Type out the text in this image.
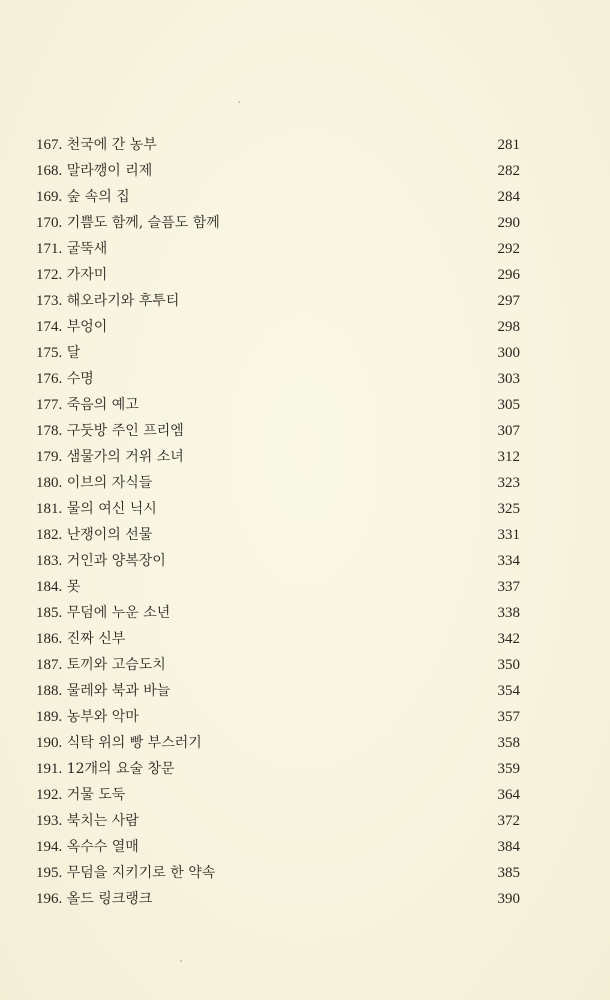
167. 천국에 간 농부	281
168. 말라깽이 리제	282
169. 숲 속의 집	284
170. 기쁨도 함께, 슬픔도 함께	290
171. 굴뚝새	292
172. 가자미	296
173. 해오라기와 후투티	297
174. 부엉이	298
175. 달	300
176. 수명	303
177. 죽음의 예고	305
178. 구둣방 주인 프리엠	307
179. 샘물가의 거위 소녀	312
180. 이브의 자식들	323
181. 물의 여신 닉시	325
182. 난쟁이의 선물	331
183. 거인과 양복장이	334
184. 못	337
185. 무덤에 누운 소년	338
186. 진짜 신부	342
187. 토끼와 고슴도치	350
188. 물레와 북과 바늘	354
189. 농부와 악마	357
190. 식탁 위의 빵 부스러기	358
191. 12개의 요술 창문	359
192. 거물 도둑	364
193. 북치는 사람	372
194. 옥수수 열매	384
195. 무덤을 지키기로 한 약속	385
196. 올드 링크랭크	390
